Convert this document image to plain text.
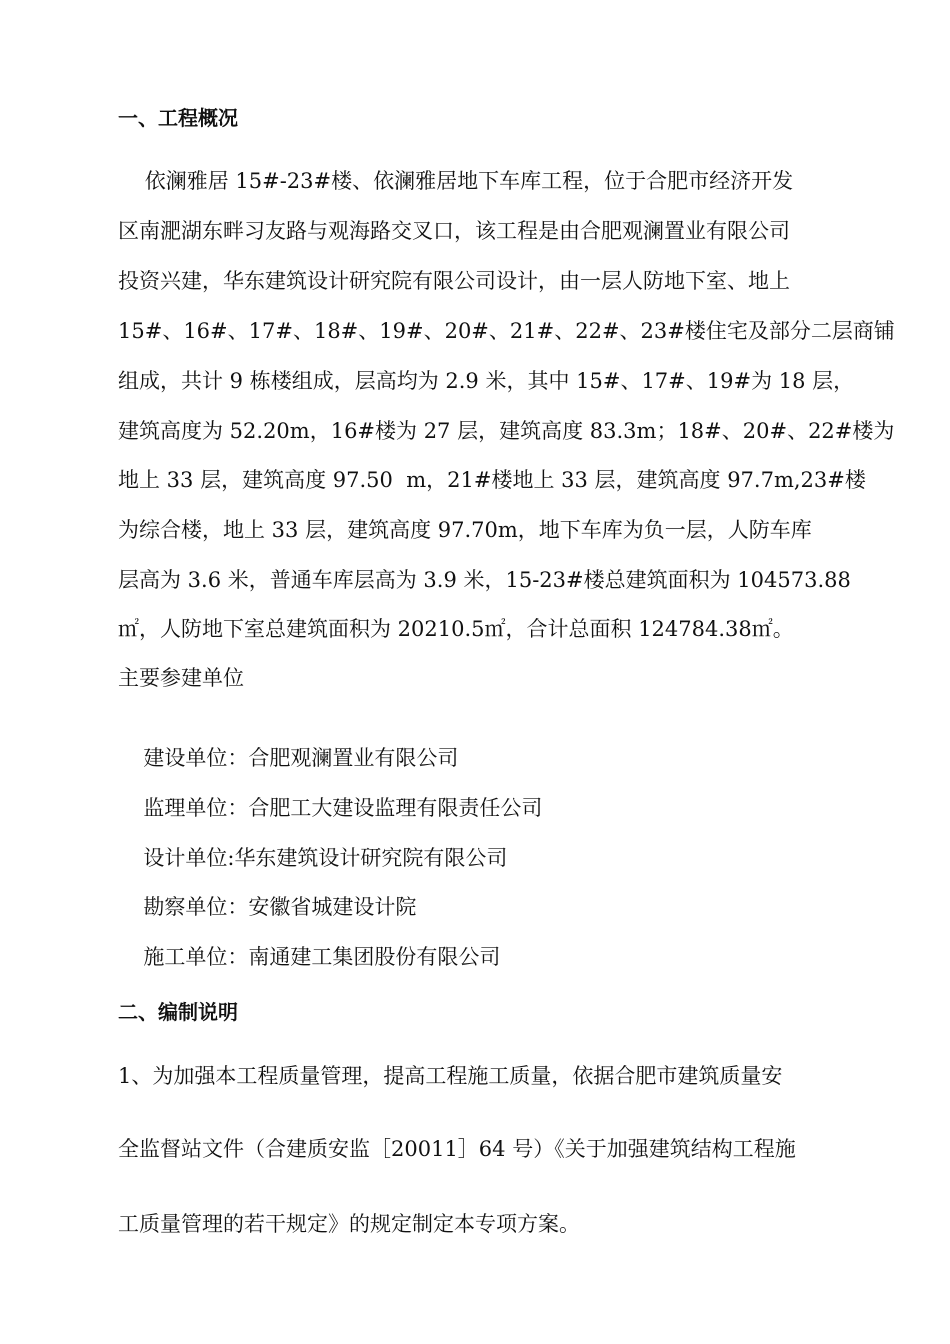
一、工程概况
依澜雅居 15#-23#楼、依澜雅居地下车库工程，位于合肥市经济开发
区南淝湖东畔习友路与观海路交叉口，该工程是由合肥观澜置业有限公司
投资兴建，华东建筑设计研究院有限公司设计，由一层人防地下室、地上
15#、16#、17#、18#、19#、20#、21#、22#、23#楼住宅及部分二层商铺
组成，共计 9 栋楼组成，层高均为 2.9 米，其中 15#、17#、19#为 18 层，
建筑高度为 52.20m，16#楼为 27 层，建筑高度 83.3m；18#、20#、22#楼为
地上 33 层，建筑高度 97.50  m，21#楼地上 33 层，建筑高度 97.7m,23#楼
为综合楼，地上 33 层，建筑高度 97.70m，地下车库为负一层，人防车库
层高为 3.6 米，普通车库层高为 3.9 米，15-23#楼总建筑面积为 104573.88
㎡，人防地下室总建筑面积为 20210.5㎡，合计总面积 124784.38㎡。
主要参建单位

建设单位：合肥观澜置业有限公司

监理单位：合肥工大建设监理有限责任公司

设计单位:华东建筑设计研究院有限公司

勘察单位：安徽省城建设计院

施工单位：南通建工集团股份有限公司

二、编制说明
1、为加强本工程质量管理，提高工程施工质量，依据合肥市建筑质量安
全监督站文件（合建质安监［20011］64 号）《关于加强建筑结构工程施
工质量管理的若干规定》的规定制定本专项方案。
